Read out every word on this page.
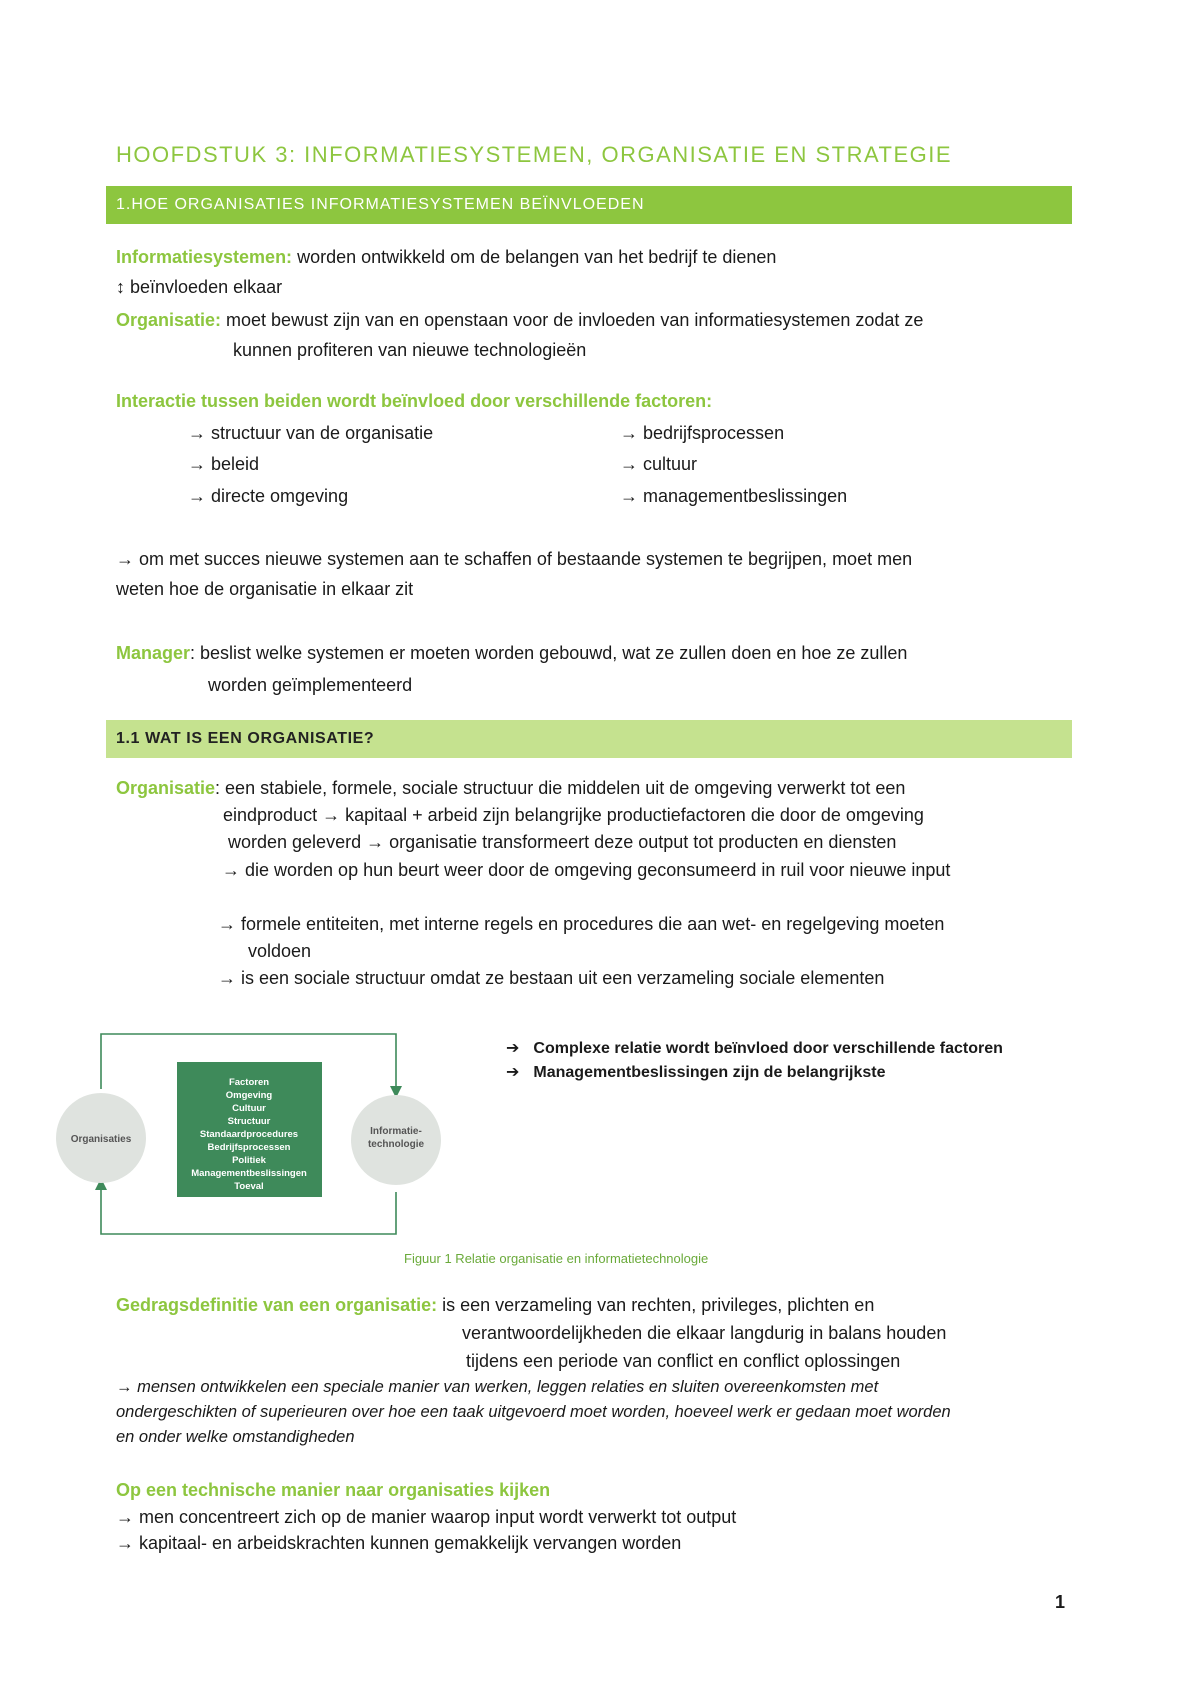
HOOFDSTUK 3: INFORMATIESYSTEMEN, ORGANISATIE EN STRATEGIE
1.HOE ORGANISATIES INFORMATIESYSTEMEN BEÏNVLOEDEN
Informatiesystemen: worden ontwikkeld om de belangen van het bedrijf te dienen
↕ beïnvloeden elkaar
Organisatie: moet bewust zijn van en openstaan voor de invloeden van informatiesystemen zodat ze
kunnen profiteren van nieuwe technologieën
Interactie tussen beiden wordt beïnvloed door verschillende factoren:
→ structuur van de organisatie
→ beleid
→ directe omgeving
→ bedrijfsprocessen
→ cultuur
→ managementbeslissingen
→ om met succes nieuwe systemen aan te schaffen of bestaande systemen te begrijpen, moet men
weten hoe de organisatie in elkaar zit
Manager: beslist welke systemen er moeten worden gebouwd, wat ze zullen doen en hoe ze zullen
worden geïmplementeerd
1.1 WAT IS EEN ORGANISATIE?
Organisatie: een stabiele, formele, sociale structuur die middelen uit de omgeving verwerkt tot een
eindproduct → kapitaal + arbeid zijn belangrijke productiefactoren die door de omgeving
worden geleverd → organisatie transformeert deze output tot producten en diensten
→ die worden op hun beurt weer door de omgeving geconsumeerd in ruil voor nieuwe input
→ formele entiteiten, met interne regels en procedures die aan wet- en regelgeving moeten
voldoen
→ is een sociale structuur omdat ze bestaan uit een verzameling sociale elementen
Organisaties
Informatie-
technologie
Factoren
Omgeving
Cultuur
Structuur
Standaardprocedures
Bedrijfsprocessen
Politiek
Managementbeslissingen
Toeval
➔ Complexe relatie wordt beïnvloed door verschillende factoren
➔ Managementbeslissingen zijn de belangrijkste
Figuur 1 Relatie organisatie en informatietechnologie
Gedragsdefinitie van een organisatie: is een verzameling van rechten, privileges, plichten en
verantwoordelijkheden die elkaar langdurig in balans houden
tijdens een periode van conflict en conflict oplossingen
→ mensen ontwikkelen een speciale manier van werken, leggen relaties en sluiten overeenkomsten met
ondergeschikten of superieuren over hoe een taak uitgevoerd moet worden, hoeveel werk er gedaan moet worden
en onder welke omstandigheden
Op een technische manier naar organisaties kijken
→ men concentreert zich op de manier waarop input wordt verwerkt tot output
→ kapitaal- en arbeidskrachten kunnen gemakkelijk vervangen worden
1
